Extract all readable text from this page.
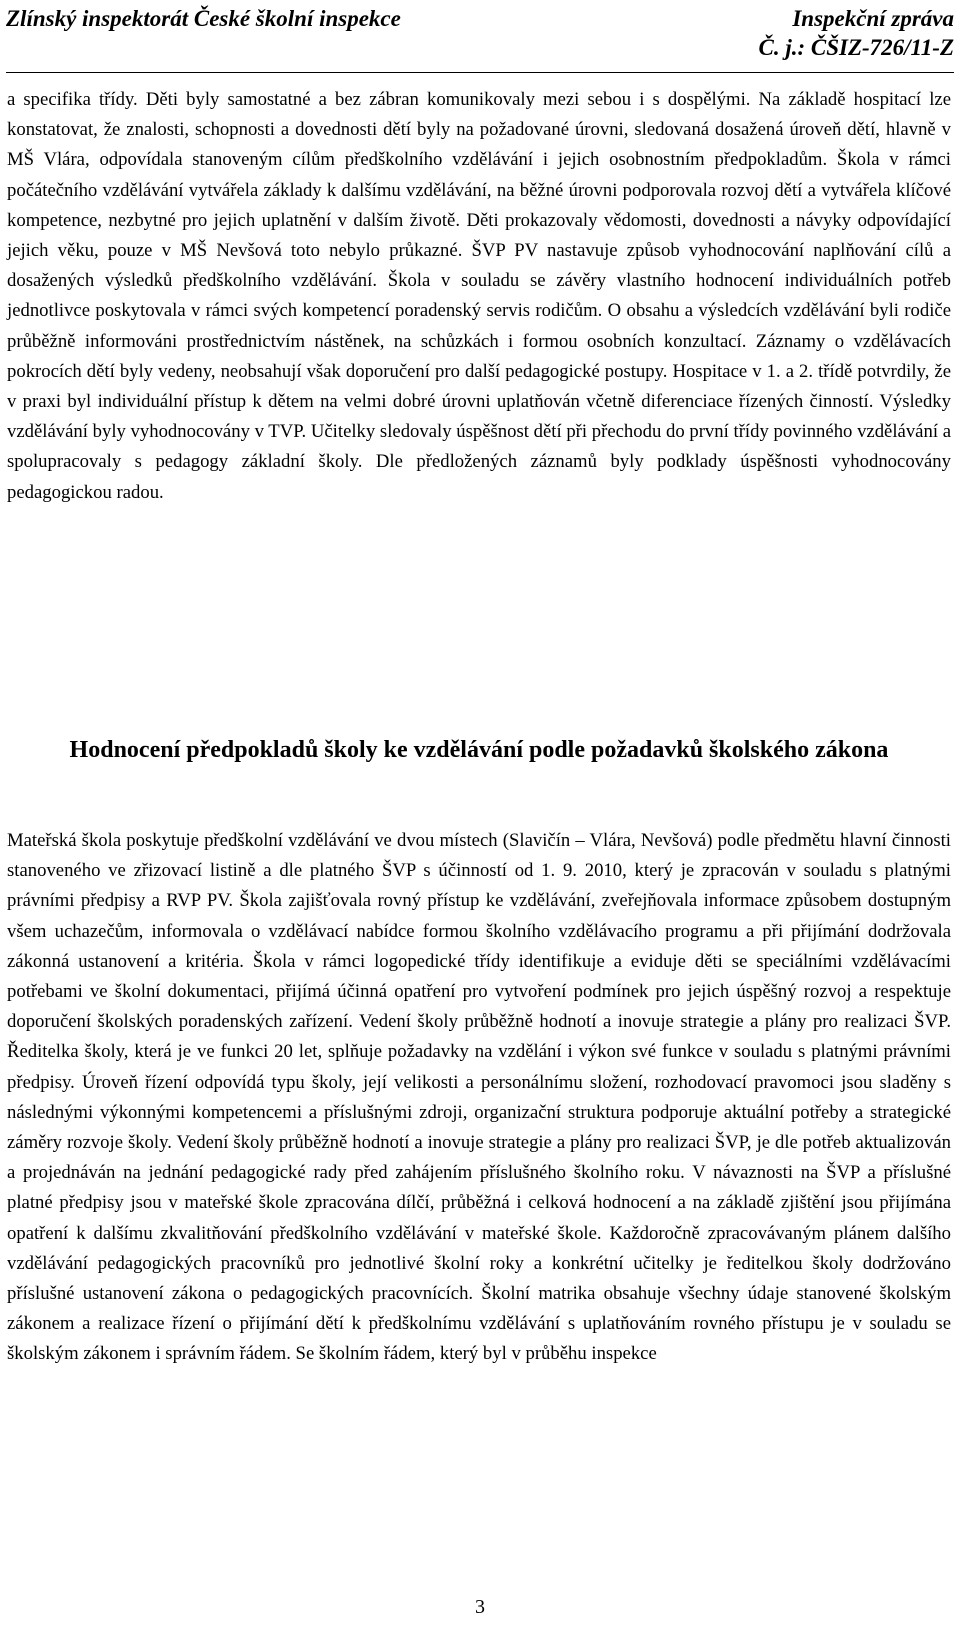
Zlínský inspektorát České školní inspekce	Inspekční zpráva
Č. j.: ČŠIZ-726/11-Z
a specifika třídy. Děti byly samostatné a bez zábran komunikovaly mezi sebou i s dospělými. Na základě hospitací lze konstatovat, že znalosti, schopnosti a dovednosti dětí byly na požadované úrovni, sledovaná dosažená úroveň dětí, hlavně v MŠ Vlára, odpovídala stanoveným cílům předškolního vzdělávání i jejich osobnostním předpokladům. Škola v rámci počátečního vzdělávání vytvářela základy k dalšímu vzdělávání, na běžné úrovni podporovala rozvoj dětí a vytvářela klíčové kompetence, nezbytné pro jejich uplatnění v dalším životě. Děti prokazovaly vědomosti, dovednosti a návyky odpovídající jejich věku, pouze v MŠ Nevšová toto nebylo průkazné. ŠVP PV nastavuje způsob vyhodnocování naplňování cílů a dosažených výsledků předškolního vzdělávání. Škola v souladu se závěry vlastního hodnocení individuálních potřeb jednotlivce poskytovala v rámci svých kompetencí poradenský servis rodičům. O obsahu a výsledcích vzdělávání byli rodiče průběžně informováni prostřednictvím nástěnek, na schůzkách i formou osobních konzultací. Záznamy o vzdělávacích pokrocích dětí byly vedeny, neobsahují však doporučení pro další pedagogické postupy. Hospitace v 1. a 2. třídě potvrdily, že v praxi byl individuální přístup k dětem na velmi dobré úrovni uplatňován včetně diferenciace řízených činností. Výsledky vzdělávání byly vyhodnocovány v TVP. Učitelky sledovaly úspěšnost dětí při přechodu do první třídy povinného vzdělávání a spolupracovaly s pedagogy základní školy. Dle předložených záznamů byly podklady úspěšnosti vyhodnocovány pedagogickou radou.
Hodnocení předpokladů školy ke vzdělávání podle požadavků školského zákona
Mateřská škola poskytuje předškolní vzdělávání ve dvou místech (Slavičín – Vlára, Nevšová) podle předmětu hlavní činnosti stanoveného ve zřizovací listině a dle platného ŠVP s účinností od 1. 9. 2010, který je zpracován v souladu s platnými právními předpisy a RVP PV. Škola zajišťovala rovný přístup ke vzdělávání, zveřejňovala informace způsobem dostupným všem uchazečům, informovala o vzdělávací nabídce formou školního vzdělávacího programu a při přijímání dodržovala zákonná ustanovení a kritéria. Škola v rámci logopedické třídy identifikuje a eviduje děti se speciálními vzdělávacími potřebami ve školní dokumentaci, přijímá účinná opatření pro vytvoření podmínek pro jejich úspěšný rozvoj a respektuje doporučení školských poradenských zařízení. Vedení školy průběžně hodnotí a inovuje strategie a plány pro realizaci ŠVP. Ředitelka školy, která je ve funkci 20 let, splňuje požadavky na vzdělání i výkon své funkce v souladu s platnými právními předpisy. Úroveň řízení odpovídá typu školy, její velikosti a personálnímu složení, rozhodovací pravomoci jsou sladěny s následnými výkonnými kompetencemi a příslušnými zdroji, organizační struktura podporuje aktuální potřeby a strategické záměry rozvoje školy. Vedení školy průběžně hodnotí a inovuje strategie a plány pro realizaci ŠVP, je dle potřeb aktualizován a projednáván na jednání pedagogické rady před zahájením příslušného školního roku. V návaznosti na ŠVP a příslušné platné předpisy jsou v mateřské škole zpracována dílčí, průběžná i celková hodnocení a na základě zjištění jsou přijímána opatření k dalšímu zkvalitňování předškolního vzdělávání v mateřské škole. Každoročně zpracovávaným plánem dalšího vzdělávání pedagogických pracovníků pro jednotlivé školní roky a konkrétní učitelky je ředitelkou školy dodržováno příslušné ustanovení zákona o pedagogických pracovnících. Školní matrika obsahuje všechny údaje stanovené školským zákonem a realizace řízení o přijímání dětí k předškolnímu vzdělávání s uplatňováním rovného přístupu je v souladu se školským zákonem i správním řádem. Se školním řádem, který byl v průběhu inspekce
3
